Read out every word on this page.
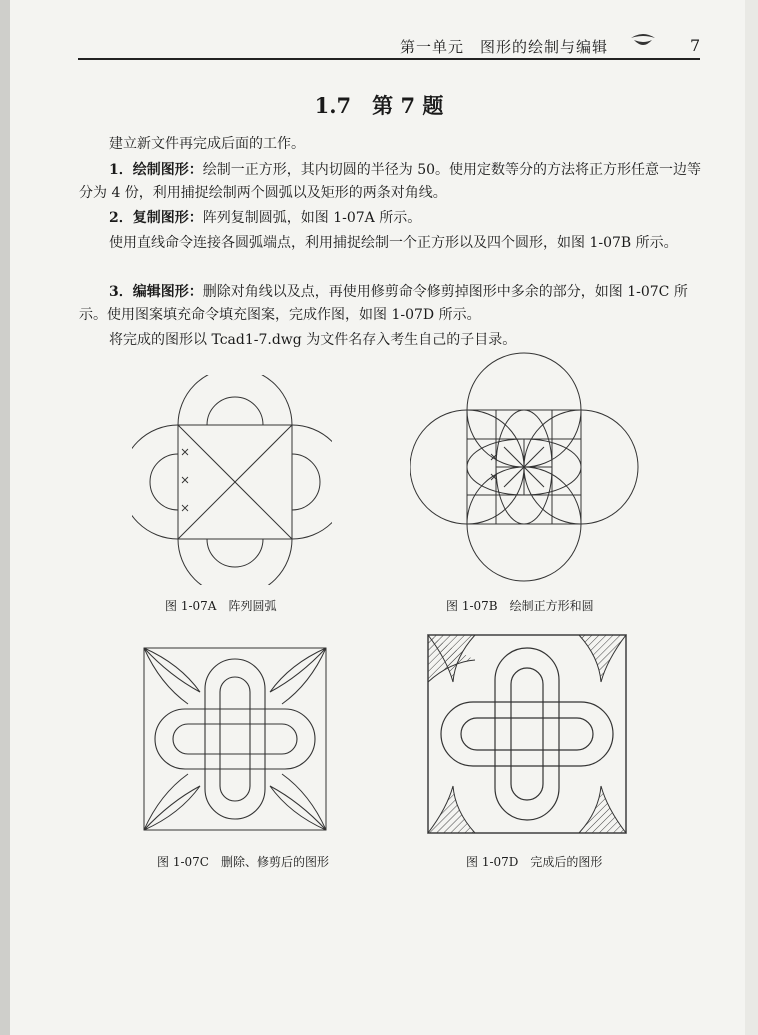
第一单元　图形的绘制与编辑	7
1.7　第 7 题
建立新文件再完成后面的工作。
1．绘制图形：绘制一正方形，其内切圆的半径为 50。使用定数等分的方法将正方形任意一边等分为 4 份，利用捕捉绘制两个圆弧以及矩形的两条对角线。
2．复制图形：阵列复制圆弧，如图 1-07A 所示。
使用直线命令连接各圆弧端点，利用捕捉绘制一个正方形以及四个圆形，如图 1-07B 所示。
3．编辑图形：删除对角线以及点，再使用修剪命令修剪掉图形中多余的部分，如图 1-07C 所示。使用图案填充命令填充图案，完成作图，如图 1-07D 所示。
将完成的图形以 Tcad1-7.dwg 为文件名存入考生自己的子目录。
图 1-07A　阵列圆弧	图 1-07B　绘制正方形和圆
图 1-07C　删除、修剪后的图形	图 1-07D　完成后的图形
